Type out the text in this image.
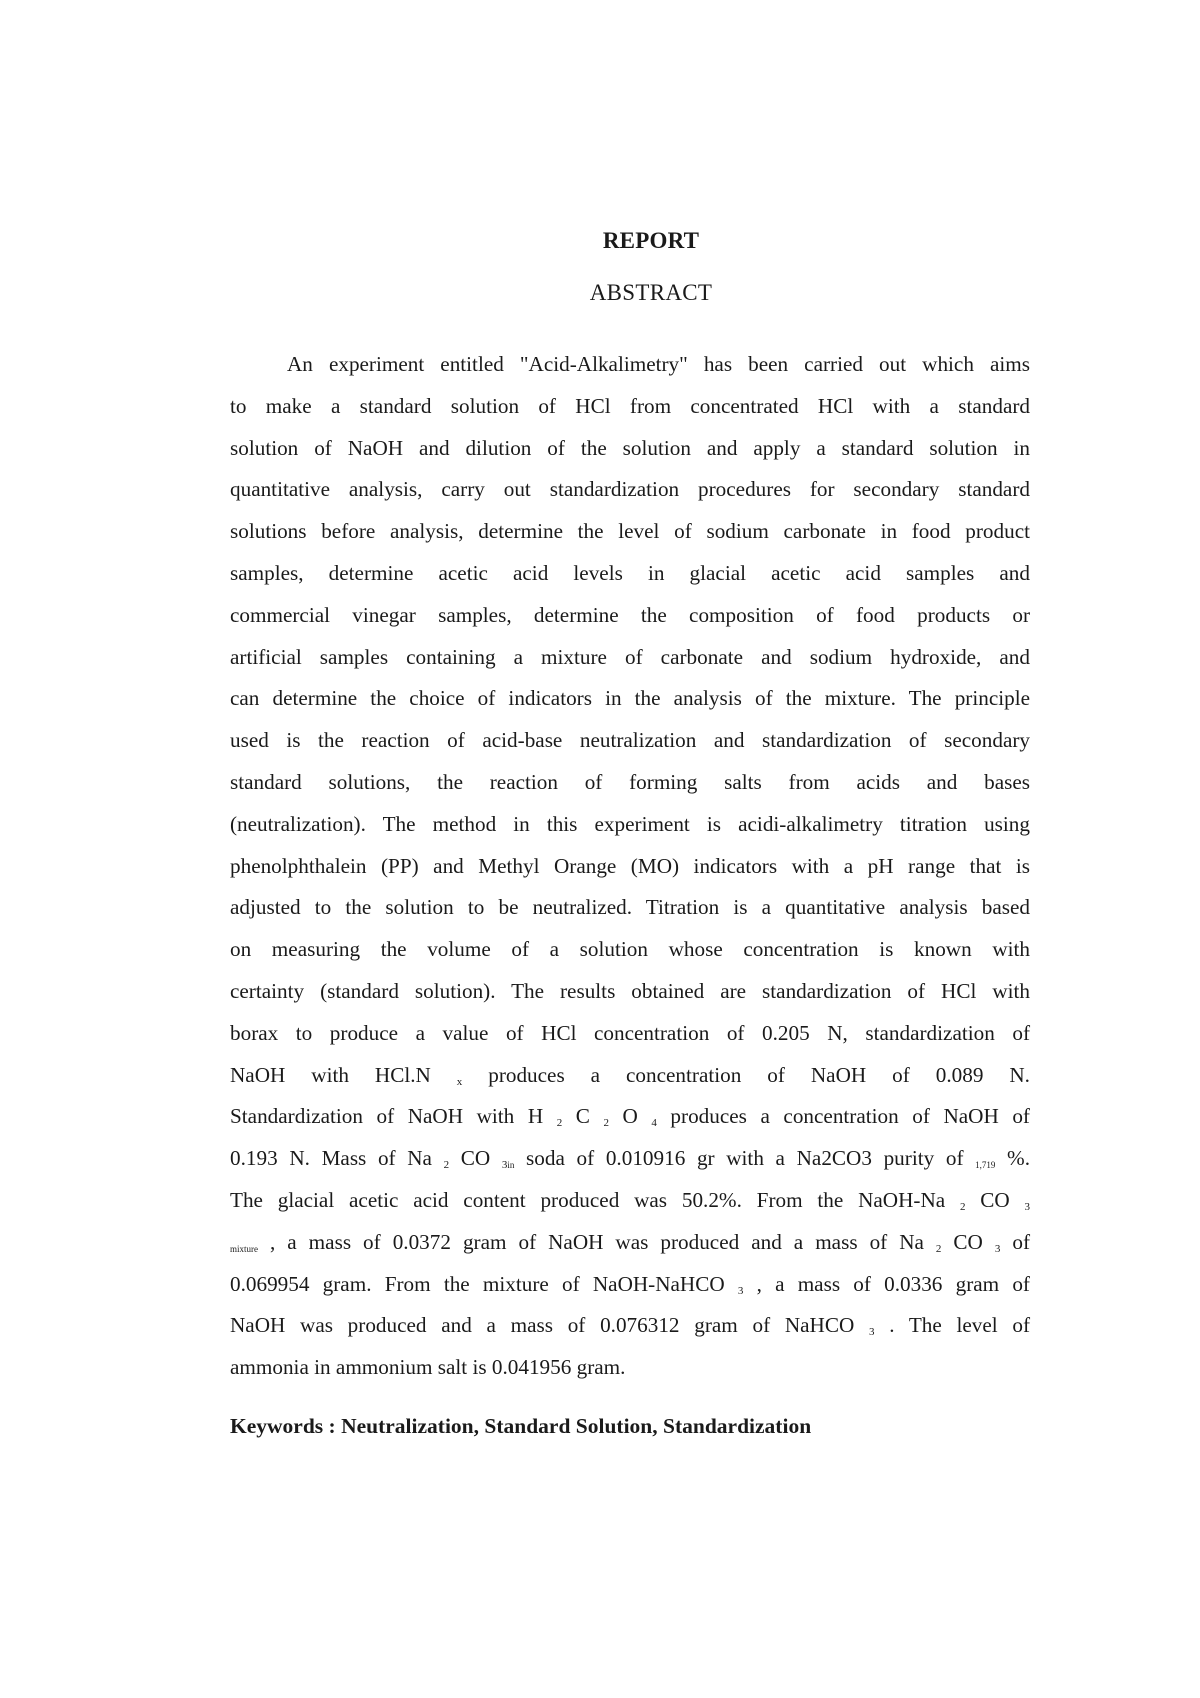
REPORT
ABSTRACT
An experiment entitled "Acid-Alkalimetry" has been carried out which aims
to make a standard solution of HCl from concentrated HCl with a standard
solution of NaOH and dilution of the solution and apply a standard solution in
quantitative analysis, carry out standardization procedures for secondary standard
solutions before analysis, determine the level of sodium carbonate in food product
samples, determine acetic acid levels in glacial acetic acid samples and
commercial vinegar samples, determine the composition of food products or
artificial samples containing a mixture of carbonate and sodium hydroxide, and
can determine the choice of indicators in the analysis of the mixture. The principle
used is the reaction of acid-base neutralization and standardization of secondary
standard solutions, the reaction of forming salts from acids and bases
(neutralization). The method in this experiment is acidi-alkalimetry titration using
phenolphthalein (PP) and Methyl Orange (MO) indicators with a pH range that is
adjusted to the solution to be neutralized. Titration is a quantitative analysis based
on measuring the volume of a solution whose concentration is known with
certainty (standard solution). The results obtained are standardization of HCl with
borax to produce a value of HCl concentration of 0.205 N, standardization of
NaOH with HCl.N $_x$ produces a concentration of NaOH of 0.089 N.
Standardization of NaOH with H $_2$ C $_2$ O $_4$ produces a concentration of NaOH of
0.193 N. Mass of Na $_2$ CO $_3$in soda of 0.010916 gr with a Na2CO3 purity of 1,719 %.
The glacial acetic acid content produced was 50.2%. From the NaOH-Na $_2$ CO $_3$
mixture , a mass of 0.0372 gram of NaOH was produced and a mass of Na $_2$ CO $_3$ of
0.069954 gram. From the mixture of NaOH-NaHCO $_3$ , a mass of 0.0336 gram of
NaOH was produced and a mass of 0.076312 gram of NaHCO $_3$ . The level of
ammonia in ammonium salt is 0.041956 gram.
Keywords : Neutralization, Standard Solution, Standardization
